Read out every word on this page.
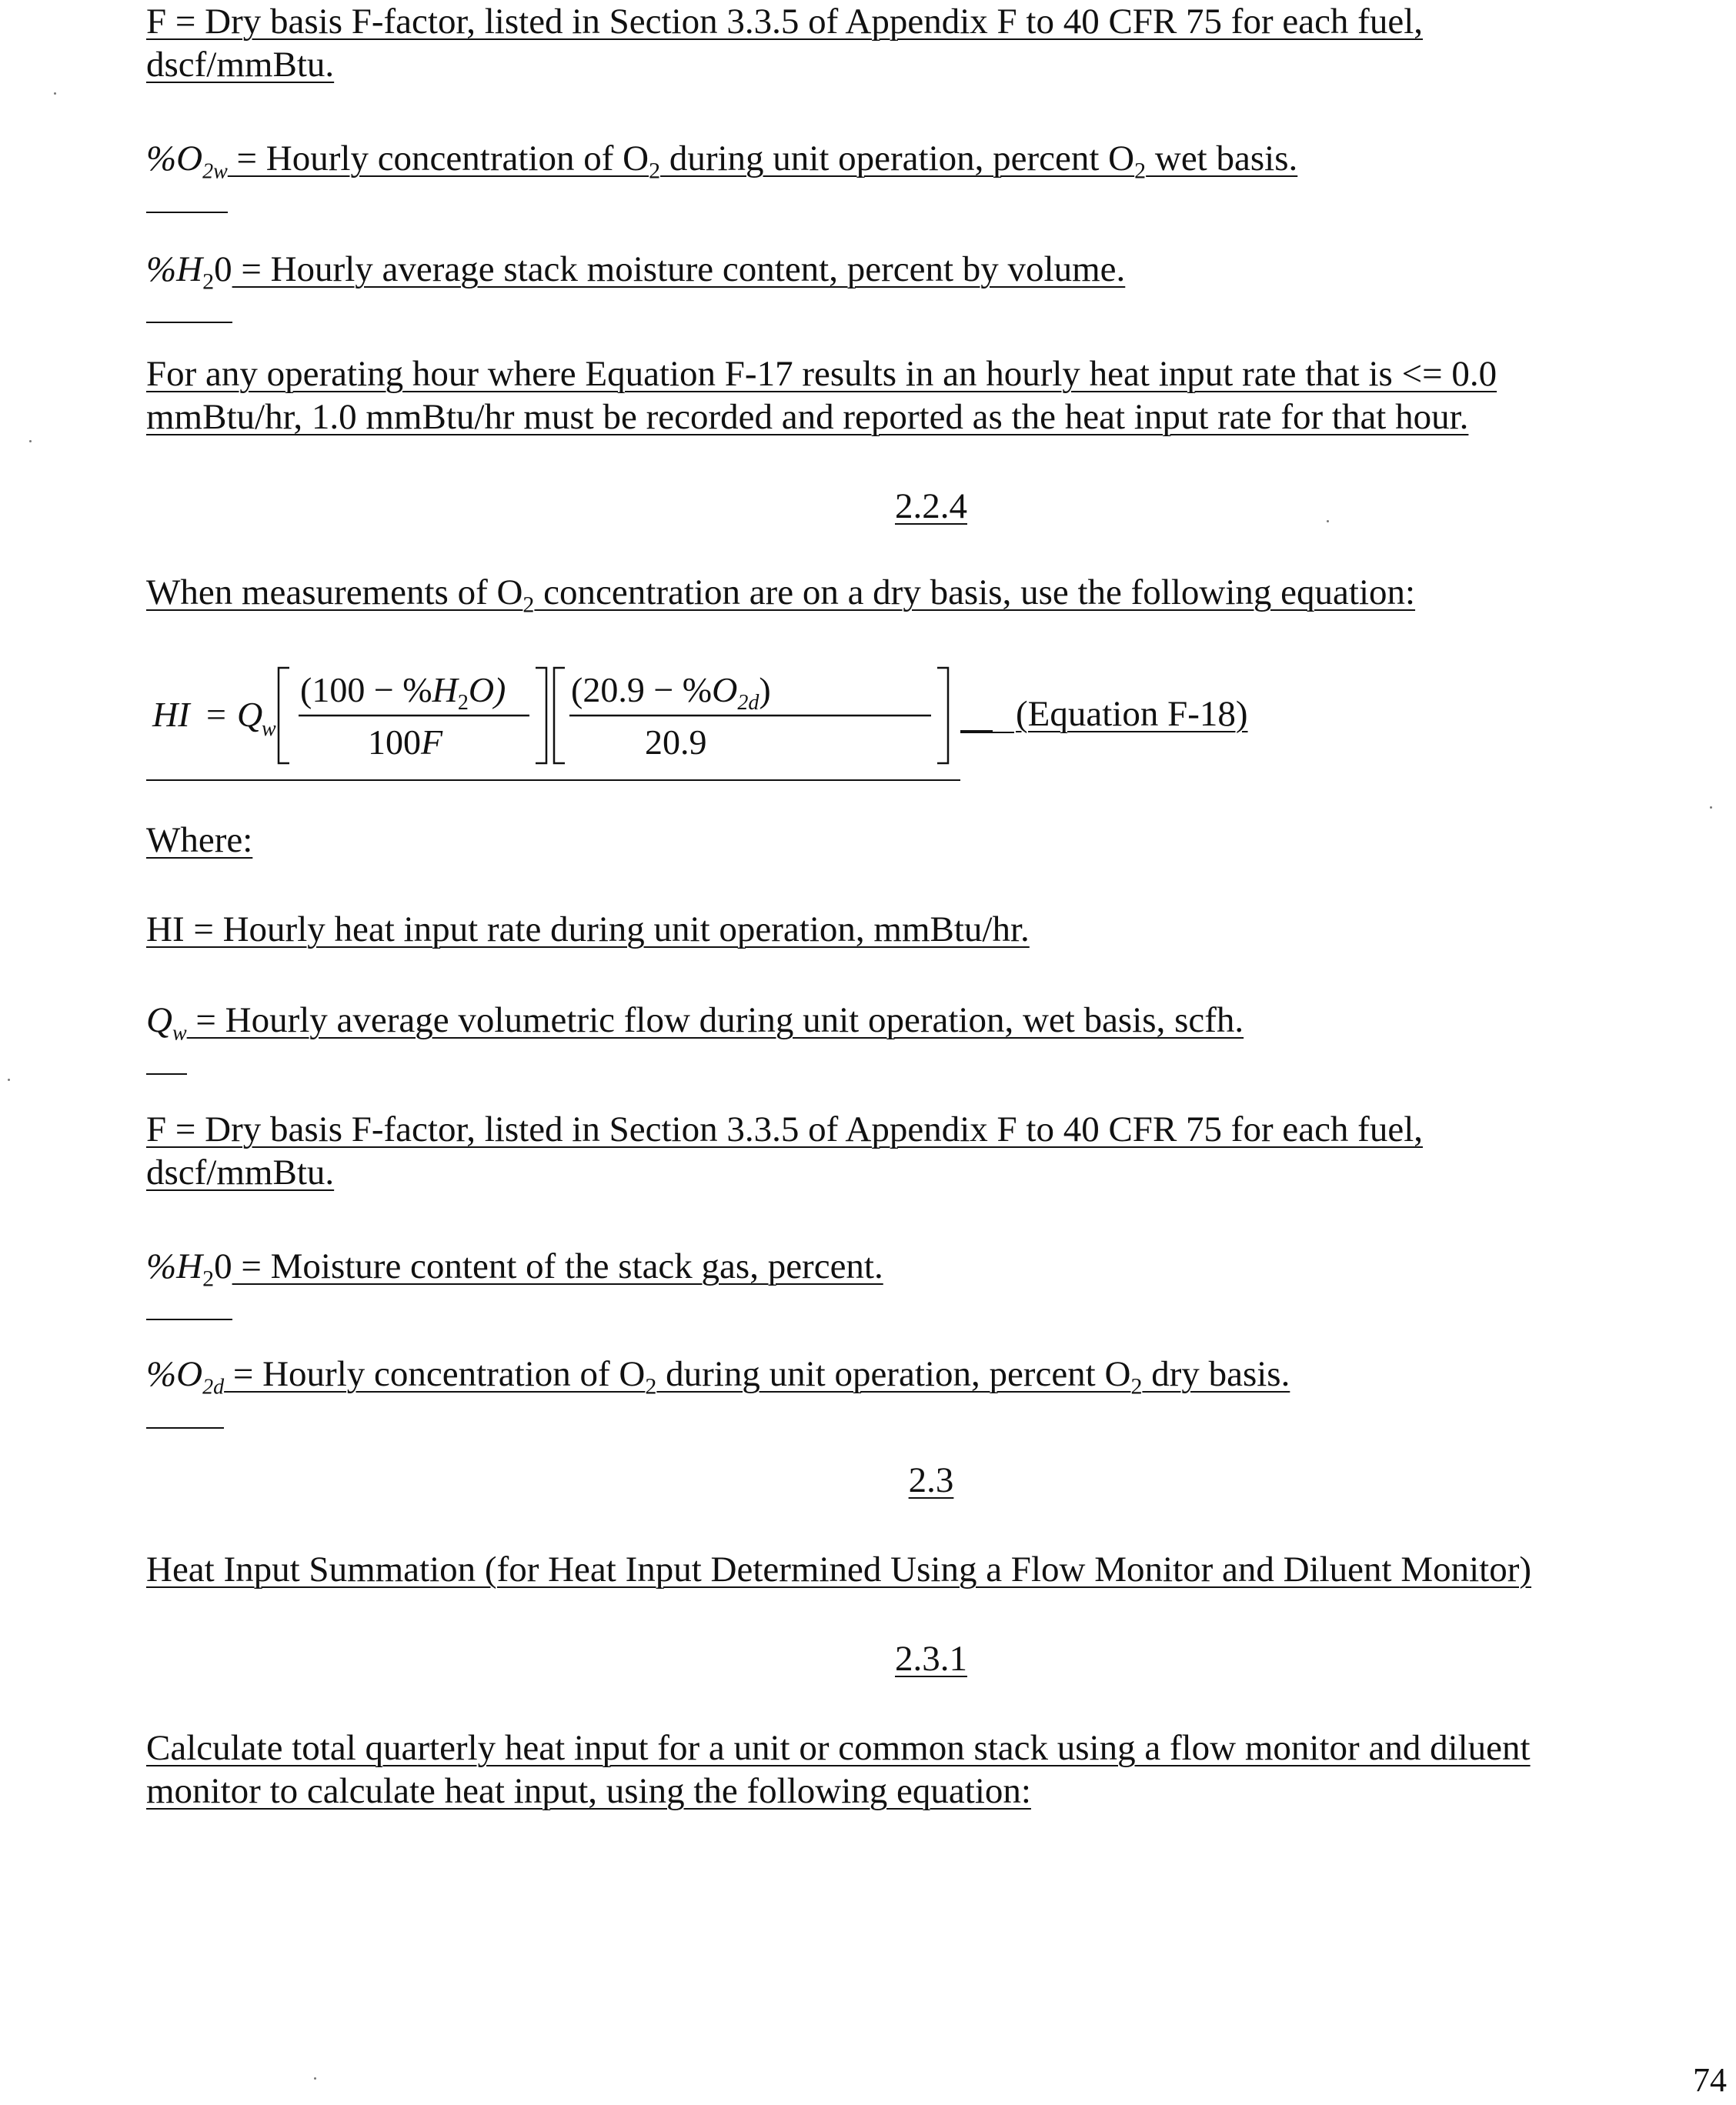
F = Dry basis F-factor, listed in Section 3.3.5 of Appendix F to 40 CFR 75 for each fuel,
dscf/mmBtu.
$\%O_{2w}$ = Hourly concentration of $O_2$ during unit operation, percent $O_2$ wet basis.
$\%H_20$ = Hourly average stack moisture content, percent by volume.
For any operating hour where Equation F-17 results in an hourly heat input rate that is <= 0.0
mmBtu/hr, 1.0 mmBtu/hr must be recorded and reported as the heat input rate for that hour.
2.2.4
When measurements of $O_2$ concentration are on a dry basis, use the following equation:
HI = Q
w
$(100 - \%H_2O)$
100F
$(20.9 - \%O_{2d})$
20.9
(Equation F-18)
Where:
HI = Hourly heat input rate during unit operation, mmBtu/hr.
$Q_w$ = Hourly average volumetric flow during unit operation, wet basis, scfh.
F = Dry basis F-factor, listed in Section 3.3.5 of Appendix F to 40 CFR 75 for each fuel,
dscf/mmBtu.
$\%H_20$ = Moisture content of the stack gas, percent.
$\%O_{2d}$ = Hourly concentration of $O_2$ during unit operation, percent $O_2$ dry basis.
2.3
Heat Input Summation (for Heat Input Determined Using a Flow Monitor and Diluent Monitor)
2.3.1
Calculate total quarterly heat input for a unit or common stack using a flow monitor and diluent
monitor to calculate heat input, using the following equation:
74
